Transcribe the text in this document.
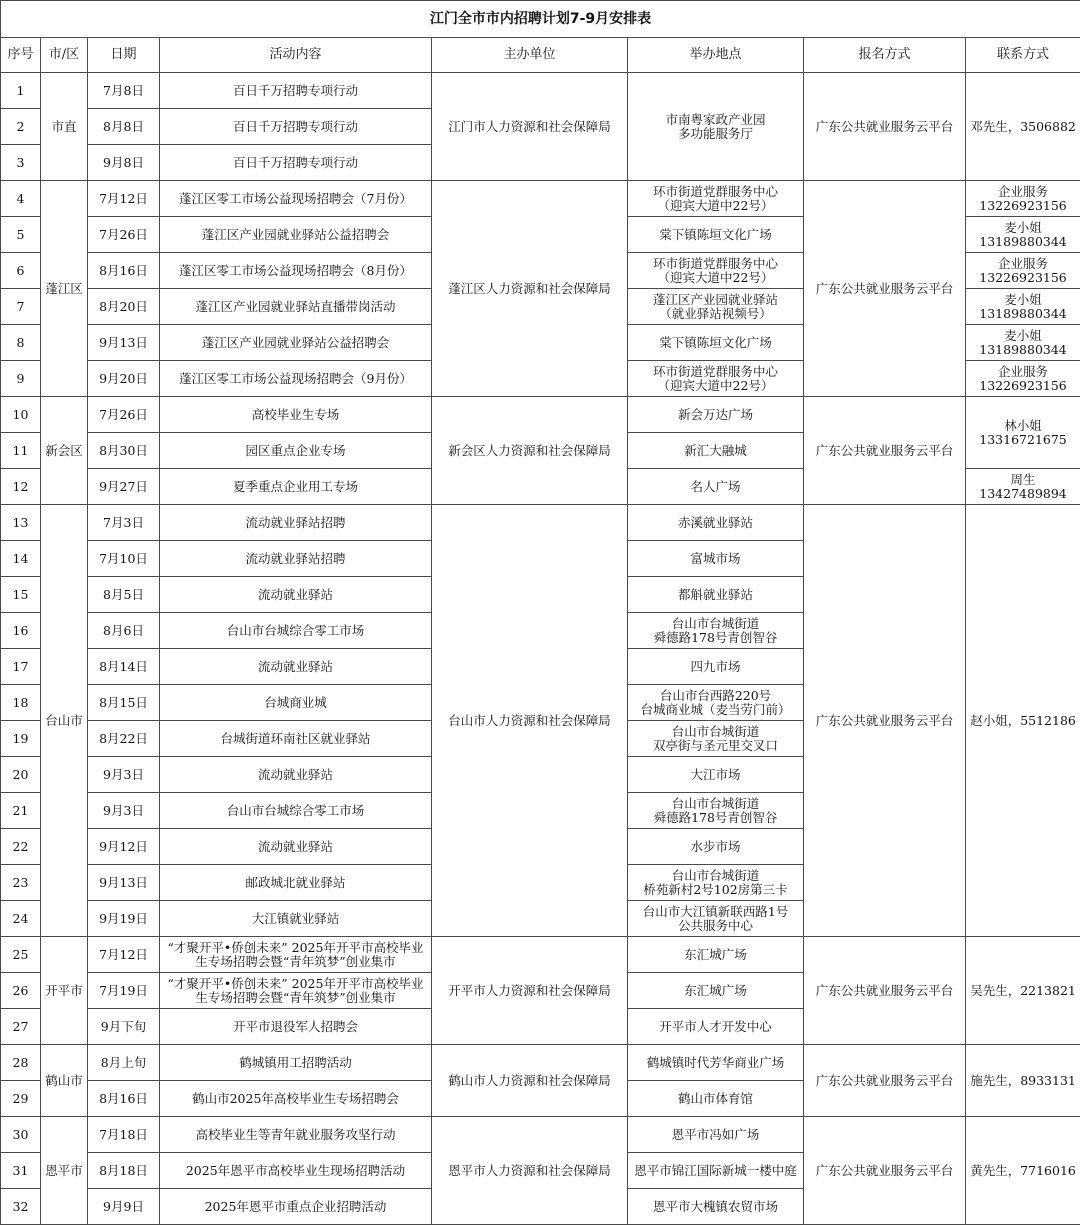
江门全市市内招聘计划7-9月安排表							
序号	市/区	日期	活动内容	主办单位	举办地点	报名方式	联系方式
1	市直	7月8日	百日千万招聘专项行动	江门市人力资源和社会保障局	市南粤家政产业园
多功能服务厅	广东公共就业服务云平台	邓先生，3506882
2		8月8日	百日千万招聘专项行动				
3		9月8日	百日千万招聘专项行动				
4	蓬江区	7月12日	蓬江区零工市场公益现场招聘会（7月份）	蓬江区人力资源和社会保障局	环市街道党群服务中心
（迎宾大道中22号）	广东公共就业服务云平台	企业服务
13226923156
5		7月26日	蓬江区产业园就业驿站公益招聘会		棠下镇陈垣文化广场		麦小姐
13189880344
6		8月16日	蓬江区零工市场公益现场招聘会（8月份）		环市街道党群服务中心
（迎宾大道中22号）		企业服务
13226923156
7		8月20日	蓬江区产业园就业驿站直播带岗活动		蓬江区产业园就业驿站
（就业驿站视频号）		麦小姐
13189880344
8		9月13日	蓬江区产业园就业驿站公益招聘会		棠下镇陈垣文化广场		麦小姐
13189880344
9		9月20日	蓬江区零工市场公益现场招聘会（9月份）		环市街道党群服务中心
（迎宾大道中22号）		企业服务
13226923156
10	新会区	7月26日	高校毕业生专场	新会区人力资源和社会保障局	新会万达广场	广东公共就业服务云平台	林小姐
13316721675
11		8月30日	园区重点企业专场		新汇大融城		
12		9月27日	夏季重点企业用工专场		名人广场		周生13427489894
13	台山市	7月3日	流动就业驿站招聘	台山市人力资源和社会保障局	赤溪就业驿站	广东公共就业服务云平台	赵小姐，5512186
14		7月10日	流动就业驿站招聘		富城市场		
15		8月5日	流动就业驿站		都斛就业驿站		
16		8月6日	台山市台城综合零工市场		台山市台城街道
舜德路178号青创智谷		
17		8月14日	流动就业驿站		四九市场		
18		8月15日	台城商业城		台山市台西路220号
台城商业城（麦当劳门前）		
19		8月22日	台城街道环南社区就业驿站		台山市台城街道
双亭街与圣元里交叉口		
20		9月3日	流动就业驿站		大江市场		
21		9月3日	台山市台城综合零工市场		台山市台城街道
舜德路178号青创智谷		
22		9月12日	流动就业驿站		水步市场		
23		9月13日	邮政城北就业驿站		台山市台城街道
桥苑新村2号102房第三卡		
24		9月19日	大江镇就业驿站		台山市大江镇新联西路1号
公共服务中心		
25	开平市	7月12日	“才聚开平•侨创未来” 2025年开平市高校毕业生专场招聘会暨“青年筑梦”创业集市	开平市人力资源和社会保障局	东汇城广场	广东公共就业服务云平台	吴先生，2213821
26		7月19日	“才聚开平•侨创未来” 2025年开平市高校毕业生专场招聘会暨“青年筑梦”创业集市		东汇城广场		
27		9月下旬	开平市退役军人招聘会		开平市人才开发中心		
28	鹤山市	8月上旬	鹤城镇用工招聘活动	鹤山市人力资源和社会保障局	鹤城镇时代芳华商业广场	广东公共就业服务云平台	施先生，8933131
29		8月16日	鹤山市2025年高校毕业生专场招聘会		鹤山市体育馆		
30	恩平市	7月18日	高校毕业生等青年就业服务攻坚行动	恩平市人力资源和社会保障局	恩平市冯如广场	广东公共就业服务云平台	黄先生，7716016
31		8月18日	2025年恩平市高校毕业生现场招聘活动		恩平市锦江国际新城一楼中庭		
32		9月9日	2025年恩平市重点企业招聘活动		恩平市大槐镇农贸市场		
